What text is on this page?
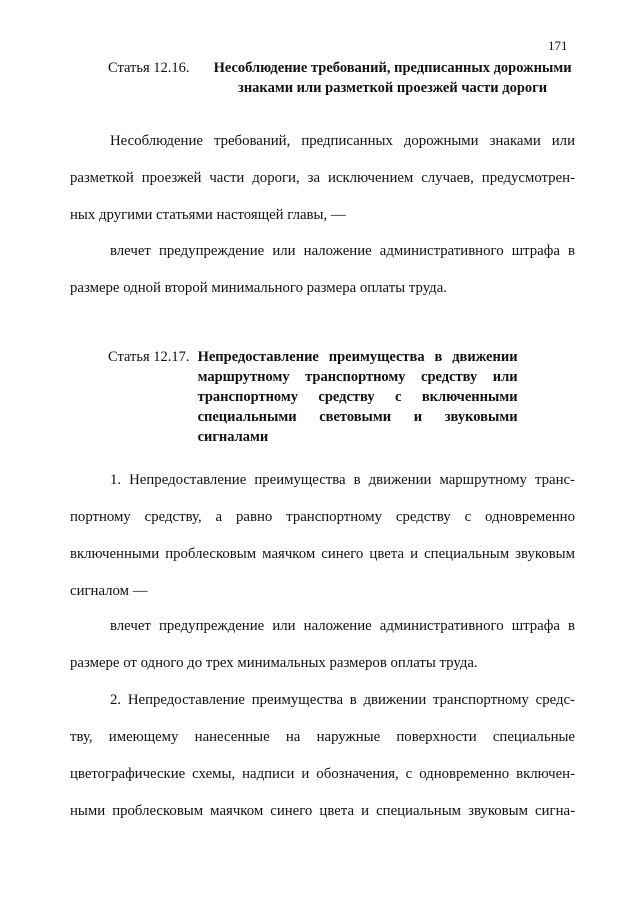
171
Статья 12.16.	Несоблюдение требований, предписанных дорожными знаками или разметкой проезжей части дороги
Несоблюдение требований, предписанных дорожными знаками или
разметкой проезжей части дороги, за исключением случаев, предусмотрен-
ных другими статьями настоящей главы, —
влечет предупреждение или наложение административного штрафа в
размере одной второй минимального размера оплаты труда.
Статья 12.17. Непредоставление преимущества в движении маршрутному транспортному средству или транспортному средству с включенными специальными световыми и звуковыми сигналами
1. Непредоставление преимущества в движении маршрутному транс-
портному средству, а равно транспортному средству с одновременно
включенными проблесковым маячком синего цвета и специальным звуковым
сигналом —
влечет предупреждение или наложение административного штрафа в
размере от одного до трех минимальных размеров оплаты труда.
2. Непредоставление преимущества в движении транспортному средс-
тву, имеющему нанесенные на наружные поверхности специальные
цветографические схемы, надписи и обозначения, с одновременно включен-
ными проблесковым маячком синего цвета и специальным звуковым сигна-
